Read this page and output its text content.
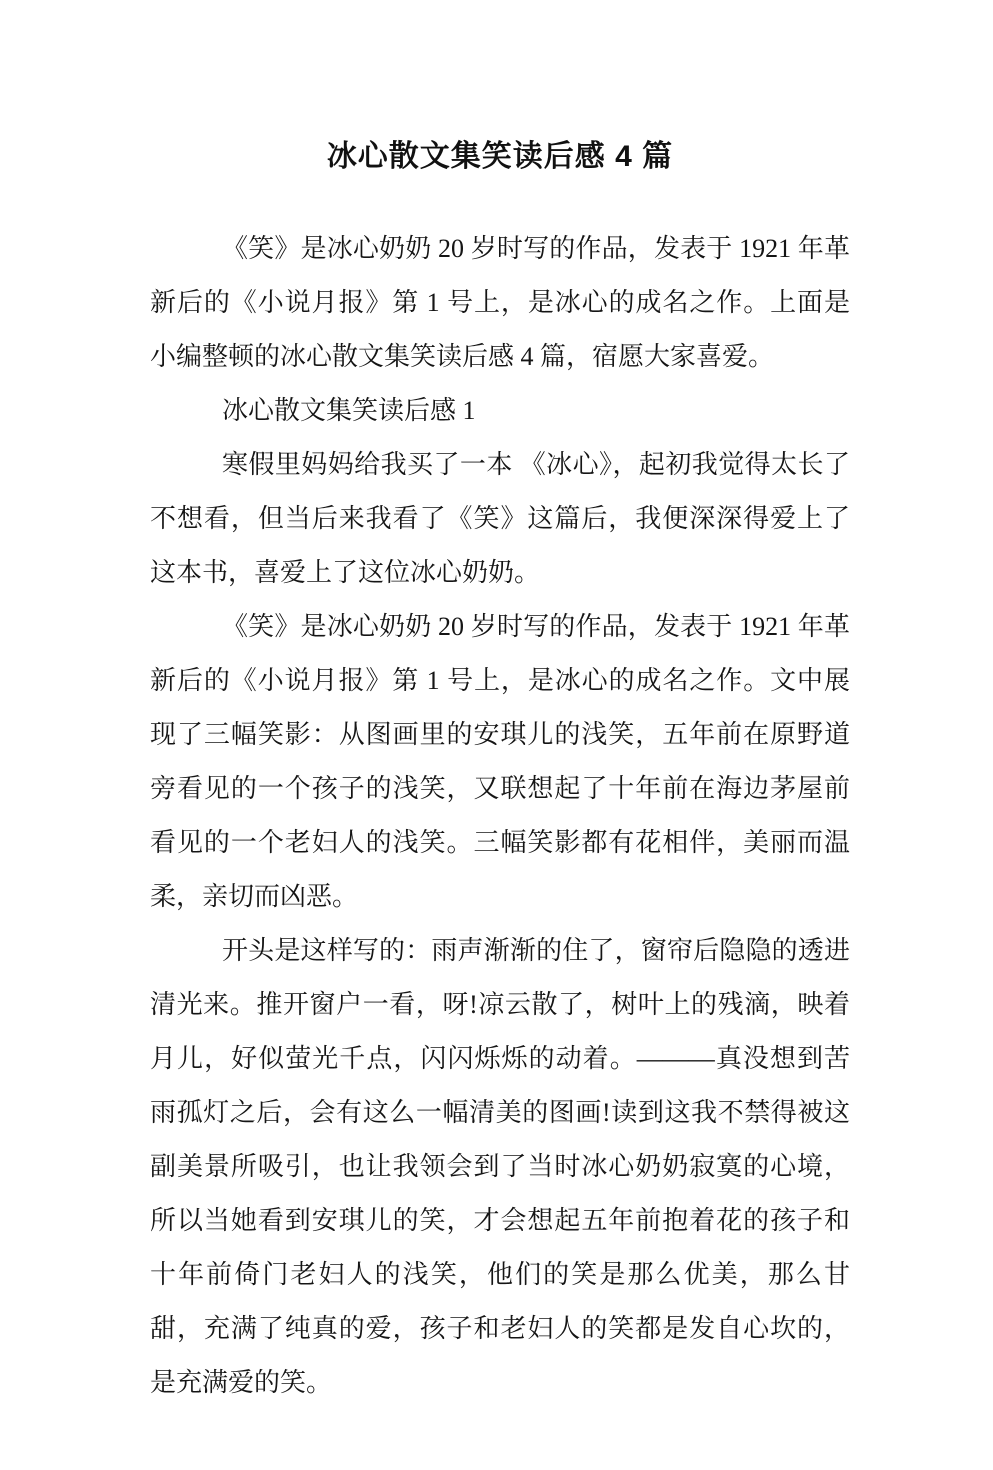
冰心散文集笑读后感 4 篇

《笑》是冰心奶奶 20 岁时写的作品，发表于 1921 年革新后的《小说月报》第 1 号上，是冰心的成名之作。上面是小编整顿的冰心散文集笑读后感 4 篇，宿愿大家喜爱。

冰心散文集笑读后感 1

寒假里妈妈给我买了一本 《冰心》，起初我觉得太长了不想看，但当后来我看了《笑》这篇后，我便深深得爱上了这本书，喜爱上了这位冰心奶奶。

《笑》是冰心奶奶 20 岁时写的作品，发表于 1921 年革新后的《小说月报》第 1 号上，是冰心的成名之作。文中展现了三幅笑影：从图画里的安琪儿的浅笑，五年前在原野道旁看见的一个孩子的浅笑，又联想起了十年前在海边茅屋前看见的一个老妇人的浅笑。三幅笑影都有花相伴，美丽而温柔，亲切而凶恶。

开头是这样写的：雨声渐渐的住了，窗帘后隐隐的透进清光来。推开窗户一看，呀!凉云散了，树叶上的残滴，映着月儿，好似萤光千点，闪闪烁烁的动着。———真没想到苦雨孤灯之后，会有这么一幅清美的图画!读到这我不禁得被这副美景所吸引，也让我领会到了当时冰心奶奶寂寞的心境，所以当她看到安琪儿的笑，才会想起五年前抱着花的孩子和十年前倚门老妇人的浅笑，他们的笑是那么优美，那么甘甜，充满了纯真的爱，孩子和老妇人的笑都是发自心坎的，是充满爱的笑。
